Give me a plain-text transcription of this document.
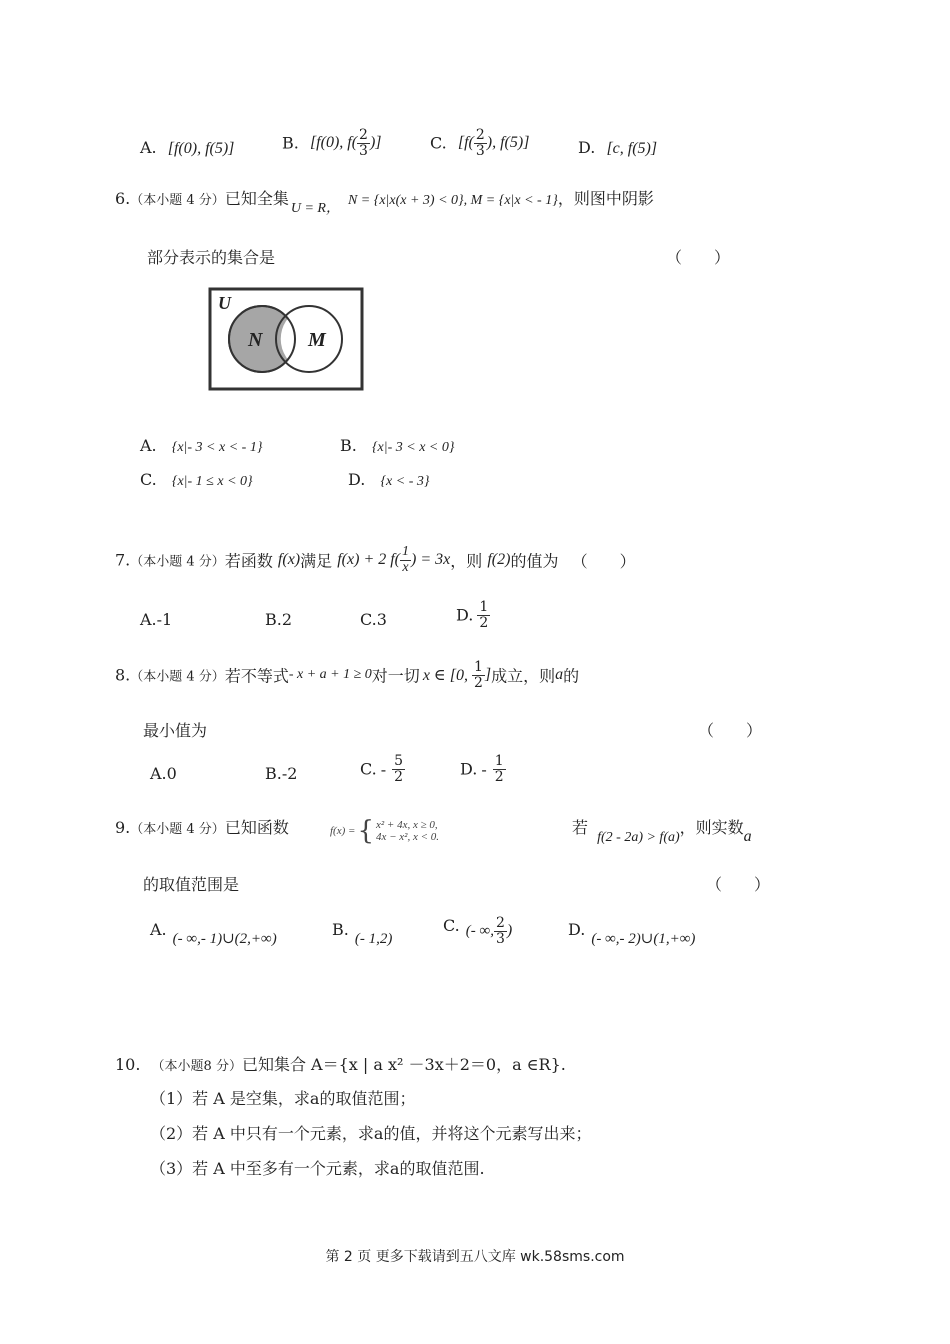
A. [f(0), f(5)]	B. [f(0), $f( \frac{2}{3}$ )]	C. [$f( \frac{2}{3}$ ), f(5)]	D. [c, f(5)]
6.（本小题 4 分）已知全集U = R，N = {x|x(x + 3) < 0}, M = {x|x < - 1}，则图中阴影
部分表示的集合是	（　　）
U
N M
A. {x|- 3 < x < - 1}	B. {x|- 3 < x < 0}
C. {x|- 1 ≤ x < 0}	D. {x < - 3}
7.（本小题 4 分）若函数 f(x)满足 f(x) + 2 $f( \frac{1}{x}$ ) = 3x，则 f(2)的值为 （　　）
A.-1	B.2	C.3	D. $\frac{1}{2}$
8.（本小题 4 分）若不等式- x + a + 1 ≥ 0对一切 x ∈ [0, $\frac{1}{2}$ ]成立，则a的
最小值为	（　　）
A.0	B.-2	C. - $\frac{5}{2}$	D. - $\frac{1}{2}$
9.（本小题 4 分）已知函数	f(x) = { x² + 4x, x ≥ 0,
4x − x², x < 0.	若 f(2 - 2a) > f(a)，则实数a
的取值范围是	（　　）
A. (- ∞,- 1)∪(2,+∞)	B. (- 1,2)
C. (- ∞, $\frac{2}{3}$ )	D. (- ∞,- 2)∪(1,+∞)
10. （本小题8 分）已知集合 A＝{x | a x² －3x＋2＝0，a ∈R}.
（1）若 A 是空集，求a的取值范围；
（2）若 A 中只有一个元素，求a的值，并将这个元素写出来；
（3）若 A 中至多有一个元素，求a的取值范围.
第 2 页 更多下载请到五八文库 wk.58sms.com
